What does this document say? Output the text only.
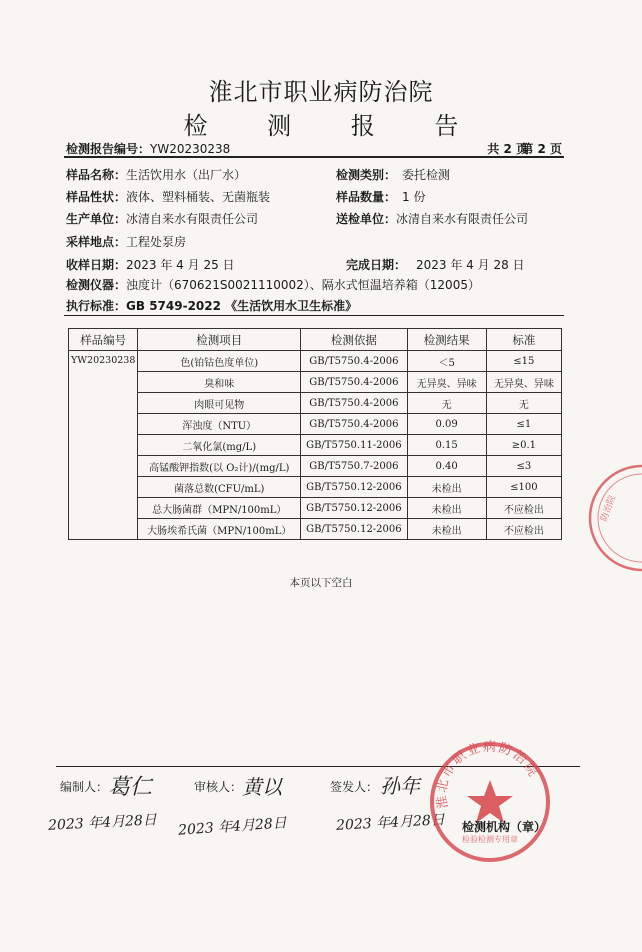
淮北市职业病防治院
检 测 报 告
检测报告编号：YW20230238	共 2 页
第 2 页
样品名称：生活饮用水（出厂水）	检测类别： 委托检测
样品性状：液体、塑料桶装、无菌瓶装	样品数量： 1 份
生产单位：冰清自来水有限责任公司	送检单位：冰清自来水有限责任公司
采样地点：工程处泵房
收样日期：2023 年 4 月 25 日	完成日期： 2023 年 4 月 28 日
检测仪器：浊度计（670621S0021110002）、隔水式恒温培养箱（12005）
执行标准：GB 5749-2022 《生活饮用水卫生标准》
样品编号	检测项目	检测依据	检测结果	标准
YW20230238	色(铂钴色度单位)	GB/T5750.4-2006	＜5	≤15
	臭和味	GB/T5750.4-2006	无异臭、异味	无异臭、异味
	肉眼可见物	GB/T5750.4-2006	无	无
	浑浊度（NTU）	GB/T5750.4-2006	0.09	≤1
	二氧化氯(mg/L)	GB/T5750.11-2006	0.15	≥0.1
	高锰酸钾指数(以 O₂计)/(mg/L)	GB/T5750.7-2006	0.40	≤3
	菌落总数(CFU/mL)	GB/T5750.12-2006	未检出	≤100
	总大肠菌群（MPN/100mL）	GB/T5750.12-2006	未检出	不应检出
	大肠埃希氏菌（MPN/100mL）	GB/T5750.12-2006	未检出	不应检出
本页以下空白
防治院
编制人： 葛仁
2023 年4月28日
审核人： 黄以
2023 年4月28日
签发人： 孙年
2023 年4月28日
淮北市职业病防治院
检验检测专用章
检测机构（章）
